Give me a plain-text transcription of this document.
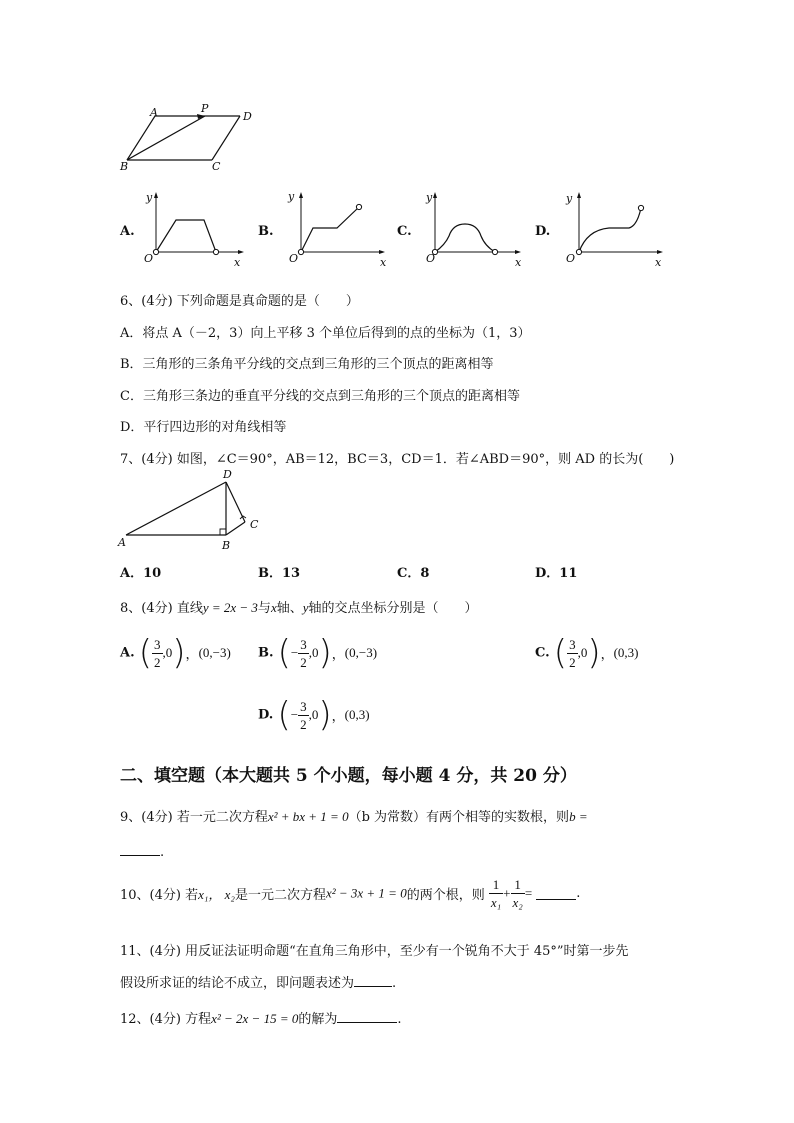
A	P
D
B	C
A.
y
x
O
B.
y
x
O
C.
y
x
O
D.
y
x
O
6、(4分) 下列命题是真命题的是（　　）
A．将点 A（－2，3）向上平移 3 个单位后得到的点的坐标为（1，3）
B．三角形的三条角平分线的交点到三角形的三个顶点的距离相等
C．三角形三条边的垂直平分线的交点到三角形的三个顶点的距离相等
D．平行四边形的对角线相等
7、(4分) 如图，∠C＝90°，AB＝12，BC＝3，CD＝1．若∠ABD＝90°，则 AD 的长为(　　)
A	B
C
D
A．10	B．13	C．8	D．11
8、(4分) 直线y = 2x − 3与x轴、y轴的交点坐标分别是（　　）
A. ( $\frac{3}{2} ,0$)，(0,−3) B. (− $\frac{3}{2} ,0$)，(0,−3)	C. ( $\frac{3}{2} ,0$)，(0,3)
D. (− $\frac{3}{2} ,0$)，(0,3)
二、填空题（本大题共 5 个小题，每小题 4 分，共 20 分）
9、(4分) 若一元二次方程x² + bx + 1 = 0（b 为常数）有两个相等的实数根，则b =
.
10、(4分) 若x₁， x₂是一元二次方程x² − 3x + 1 = 0的两个根，则 $\frac{1}{\text{x₁}} + \frac{1}{\text{x₂}}$ =	.
11、(4分) 用反证法证明命题“在直角三角形中，至少有一个锐角不大于 45°”时第一步先
假设所求证的结论不成立，即问题表述为	.
12、(4分) 方程x² − 2x − 15 = 0的解为	.
